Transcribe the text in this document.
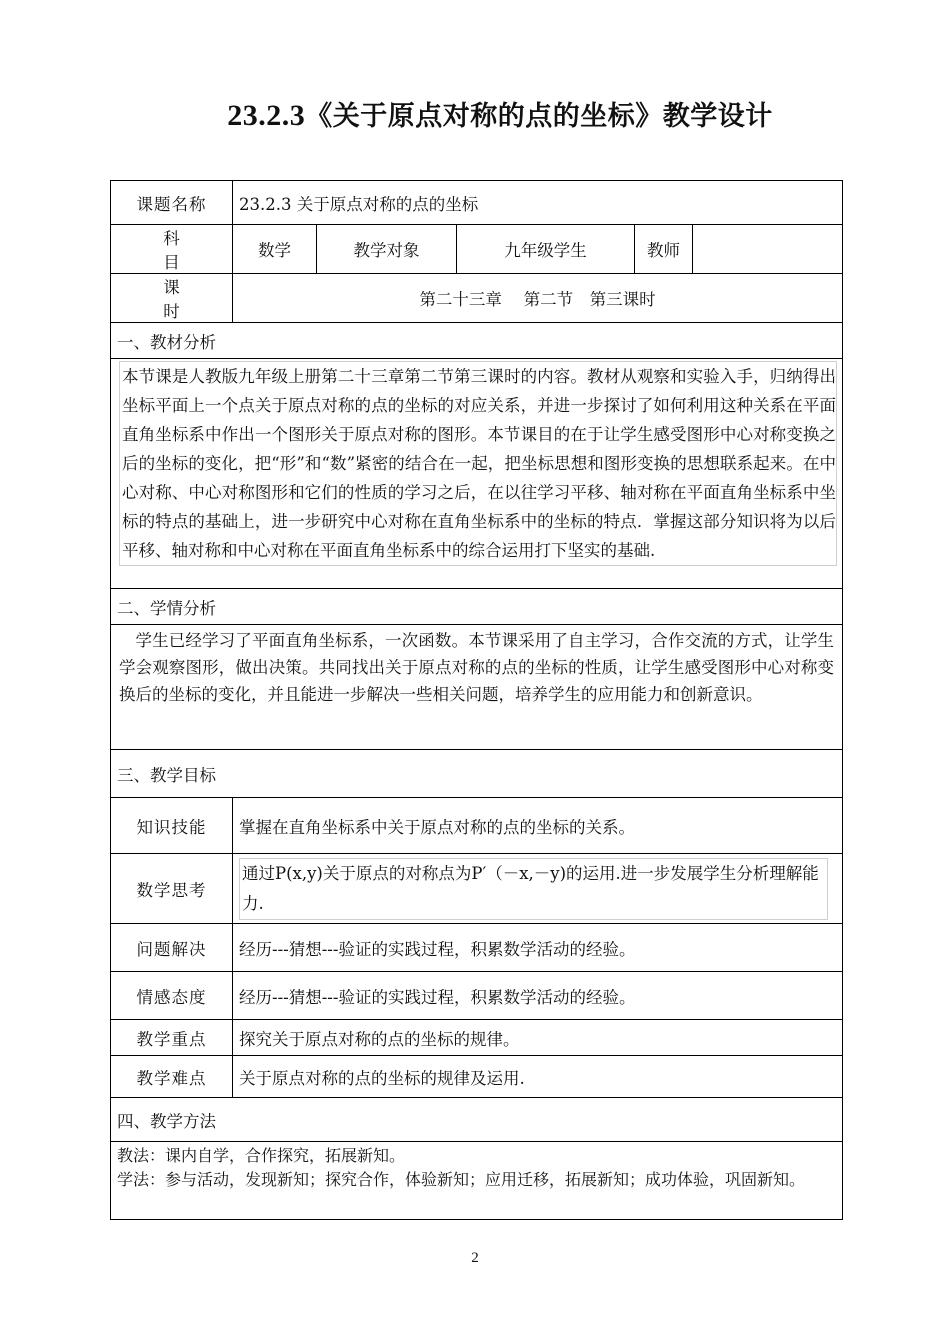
23.2.3《关于原点对称的点的坐标》教学设计
课题名称	23.2.3 关于原点对称的点的坐标				
科 目	数学	教学对象	九年级学生	教师	
课 时	第二十三章　 第二节　第三课时				
一、教材分析					

本节课是人教版九年级上册第二十三章第二节第三课时的内容。教材从观察和实验入手，归纳得出坐标平面上一个点关于原点对称的点的坐标的对应关系，并进一步探讨了如何利用这种关系在平面直角坐标系中作出一个图形关于原点对称的图形。本节课目的在于让学生感受图形中心对称变换之后的坐标的变化，把“形”和“数”紧密的结合在一起，把坐标思想和图形变换的思想联系起来。在中心对称、中心对称图形和它们的性质的学习之后，在以往学习平移、轴对称在平面直角坐标系中坐标的特点的基础上，进一步研究中心对称在直角坐标系中的坐标的特点．掌握这部分知识将为以后平移、轴对称和中心对称在平面直角坐标系中的综合运用打下坚实的基础.					

二、学情分析					
学生已经学习了平面直角坐标系，一次函数。本节课采用了自主学习，合作交流的方式，让学生学会观察图形，做出决策。共同找出关于原点对称的点的坐标的性质，让学生感受图形中心对称变换后的坐标的变化，并且能进一步解决一些相关问题，培养学生的应用能力和创新意识。					
三、教学目标					
知识技能	掌握在直角坐标系中关于原点对称的点的坐标的关系。				
数学思考	通过P(x,y)关于原点的对称点为P′（－x,－y)的运用.进一步发展学生分析理解能力.				

问题解决	经历---猜想---验证的实践过程，积累数学活动的经验。				
情感态度	经历---猜想---验证的实践过程，积累数学活动的经验。				
教学重点	探究关于原点对称的点的坐标的规律。				
教学难点	关于原点对称的点的坐标的规律及运用.				
四、教学方法					

教法：课内自学，合作探究，拓展新知。
学法：参与活动，发现新知；探究合作，体验新知；应用迁移，拓展新知；成功体验，巩固新知。					
2
